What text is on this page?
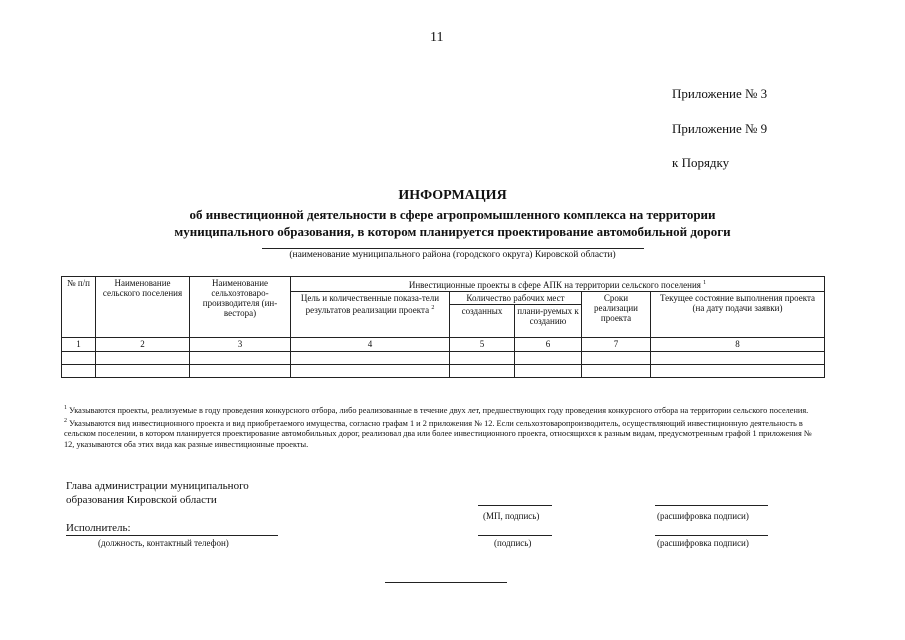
11
Приложение № 3
Приложение № 9
к Порядку
ИНФОРМАЦИЯ
об инвестиционной деятельности в сфере агропромышленного комплекса на территории
муниципального образования, в котором планируется проектирование автомобильной дороги
(наименование муниципального района (городского округа) Кировской области)
№ п/п	Наименование сельского поселения	Наименование сельхозтоваро-производителя (ин-вестора)	Инвестиционные проекты в сфере АПК на территории сельского поселения $^1$
			Цель и количественные показа-тели результатов реализации проекта $^2$	Количество рабочих мест		Сроки реализации проекта	Текущее состояние выполнения проекта (на дату подачи заявки)
				созданных	плани-руемых к созданию		
1	2	3	4	5	6	7	8

$^1$ Указываются проекты, реализуемые в году проведения конкурсного отбора, либо реализованные в течение двух лет, предшествующих году проведения конкурсного отбора на территории сельского поселения.

$^2$ Указываются вид инвестиционного проекта и вид приобретаемого имущества, согласно графам 1 и 2 приложения № 12. Если сельхозтоваропроизводитель, осуществляющий инвестиционную деятельность в сельском поселении, в котором планируется проектирование автомобильных дорог, реализовал два или более инвестиционного проекта, относящихся к разным видам, предусмотренным графой 1 приложения № 12, указываются оба этих вида как разные инвестиционные проекты.

Глава администрации муниципального
образования Кировской области
(МП, подпись)	(расшифровка подписи)
Исполнитель:
(должность, контактный телефон)	(подпись)	(расшифровка подписи)
